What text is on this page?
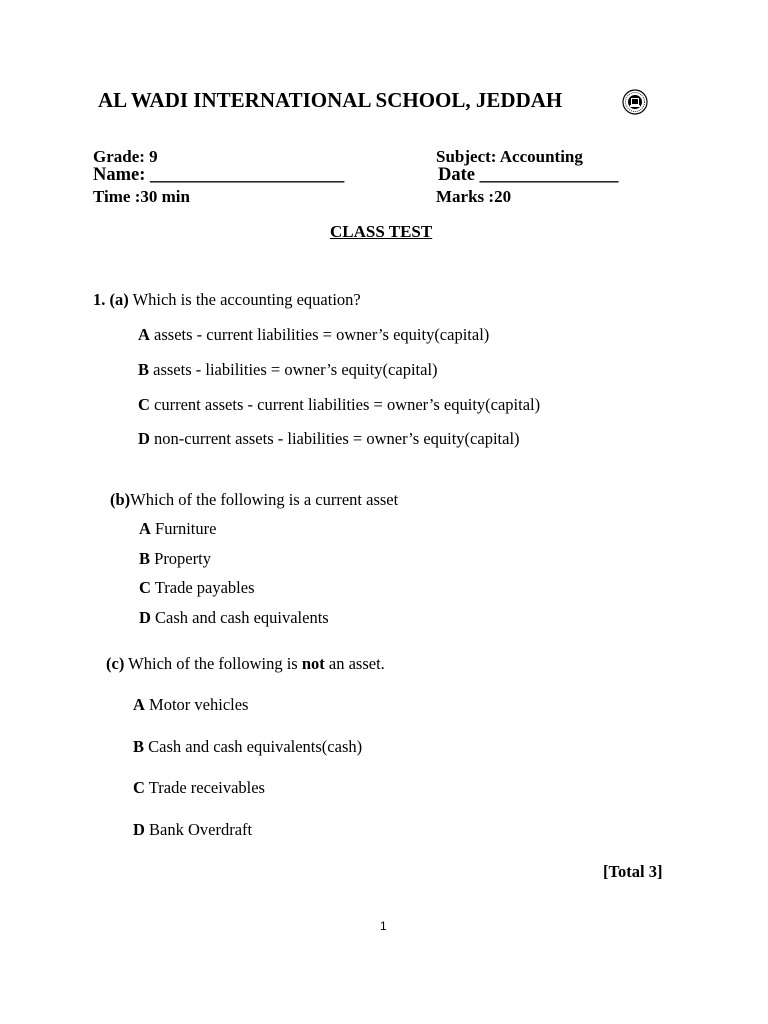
AL WADI INTERNATIONAL SCHOOL, JEDDAH
Grade: 9	Subject: Accounting
Name: _____________________	Date _______________
Time :30 min	Marks :20
CLASS TEST
1. (a) Which is the accounting equation?
A assets - current liabilities = owner’s equity(capital)
B assets - liabilities = owner’s equity(capital)
C current assets - current liabilities = owner’s equity(capital)
D non-current assets - liabilities = owner’s equity(capital)
(b)Which of the following is a current asset
A Furniture
B Property
C Trade payables
D Cash and cash equivalents
(c) Which of the following is not an asset.
A Motor vehicles
B Cash and cash equivalents(cash)
C Trade receivables
D Bank Overdraft
[Total 3]
1
